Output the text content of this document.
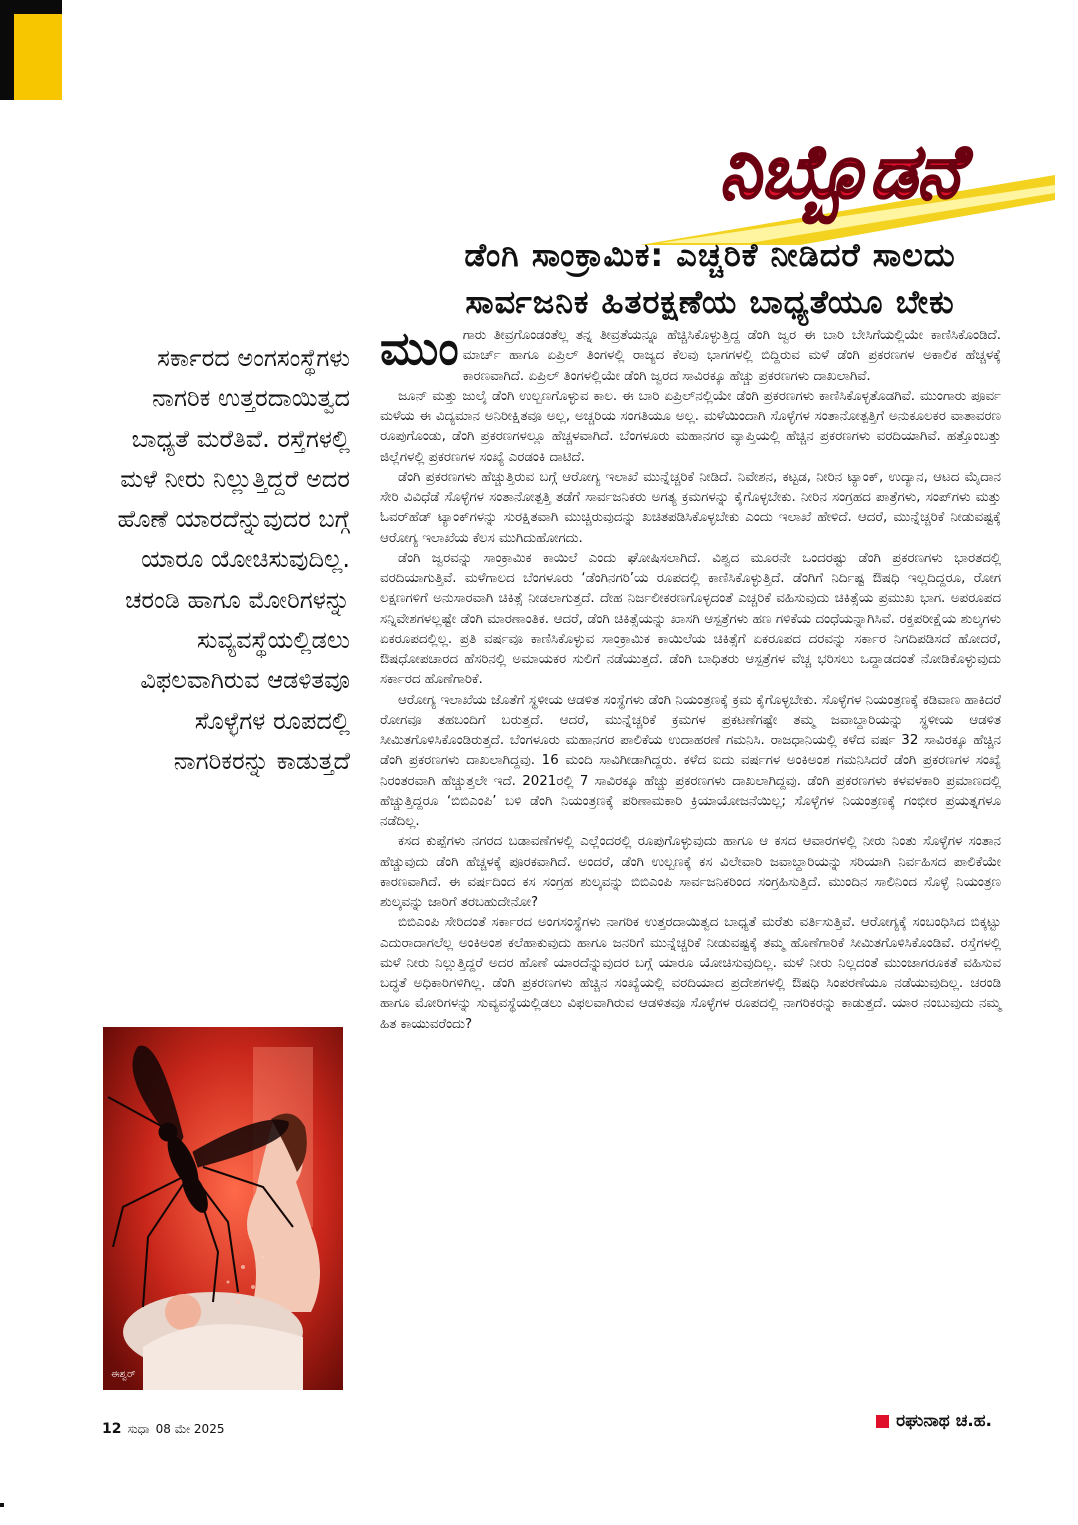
ನಿಬ್ಬೊಡನೆ
ಡೆಂಗಿ ಸಾಂಕ್ರಾಮಿಕ: ಎಚ್ಚರಿಕೆ ನೀಡಿದರೆ ಸಾಲದು
ಸಾರ್ವಜನಿಕ ಹಿತರಕ್ಷಣೆಯ ಬಾಧ್ಯತೆಯೂ ಬೇಕು
ಸರ್ಕಾರದ ಅಂಗಸಂಸ್ಥೆಗಳು ನಾಗರಿಕ ಉತ್ತರದಾಯಿತ್ವದ ಬಾಧ್ಯತೆ ಮರೆತಿವೆ. ರಸ್ತೆಗಳಲ್ಲಿ ಮಳೆ ನೀರು ನಿಲ್ಲುತ್ತಿದ್ದರೆ ಅದರ ಹೊಣೆ ಯಾರದೆನ್ನುವುದರ ಬಗ್ಗೆ ಯಾರೂ ಯೋಚಿಸುವುದಿಲ್ಲ. ಚರಂಡಿ ಹಾಗೂ ಮೋರಿಗಳನ್ನು ಸುವ್ಯವಸ್ಥೆಯಲ್ಲಿಡಲು ವಿಫಲವಾಗಿರುವ ಆಡಳಿತವೂ ಸೊಳ್ಳೆಗಳ ರೂಪದಲ್ಲಿ ನಾಗರಿಕರನ್ನು ಕಾಡುತ್ತದೆ
ಈಶ್ವರ್

ಮುಂಗಾರು ತೀವ್ರಗೊಂಡಂತೆಲ್ಲ ತನ್ನ ತೀವ್ರತೆಯನ್ನೂ ಹೆಚ್ಚಿಸಿಕೊಳ್ಳುತ್ತಿದ್ದ ಡೆಂಗಿ ಜ್ವರ ಈ ಬಾರಿ ಬೇಸಿಗೆಯಲ್ಲಿಯೇ ಕಾಣಿಸಿಕೊಂಡಿದೆ. ಮಾರ್ಚ್ ಹಾಗೂ ಏಪ್ರಿಲ್ ತಿಂಗಳಲ್ಲಿ ರಾಜ್ಯದ ಕೆಲವು ಭಾಗಗಳಲ್ಲಿ ಬಿದ್ದಿರುವ ಮಳೆ ಡೆಂಗಿ ಪ್ರಕರಣಗಳ ಅಕಾಲಿಕ ಹೆಚ್ಚಳಕ್ಕೆ ಕಾರಣವಾಗಿದೆ. ಏಪ್ರಿಲ್ ತಿಂಗಳಲ್ಲಿಯೇ ಡೆಂಗಿ ಜ್ವರದ ಸಾವಿರಕ್ಕೂ ಹೆಚ್ಚು ಪ್ರಕರಣಗಳು ದಾಖಲಾಗಿವೆ.

ಜೂನ್ ಮತ್ತು ಜುಲೈ ಡೆಂಗಿ ಉಲ್ಬಣಗೊಳ್ಳುವ ಕಾಲ. ಈ ಬಾರಿ ಏಪ್ರಿಲ್‌ನಲ್ಲಿಯೇ ಡೆಂಗಿ ಪ್ರಕರಣಗಳು ಕಾಣಿಸಿಕೊಳ್ಳತೊಡಗಿವೆ. ಮುಂಗಾರು ಪೂರ್ವ ಮಳೆಯ ಈ ವಿದ್ಯಮಾನ ಅನಿರೀಕ್ಷಿತವೂ ಅಲ್ಲ, ಅಚ್ಚರಿಯ ಸಂಗತಿಯೂ ಅಲ್ಲ. ಮಳೆಯಿಂದಾಗಿ ಸೊಳ್ಳೆಗಳ ಸಂತಾನೋತ್ಪತ್ತಿಗೆ ಅನುಕೂಲಕರ ವಾತಾವರಣ ರೂಪುಗೊಂಡು, ಡೆಂಗಿ ಪ್ರಕರಣಗಳಲ್ಲೂ ಹೆಚ್ಚಳವಾಗಿದೆ. ಬೆಂಗಳೂರು ಮಹಾನಗರ ವ್ಯಾಪ್ತಿಯಲ್ಲಿ ಹೆಚ್ಚಿನ ಪ್ರಕರಣಗಳು ವರದಿಯಾಗಿವೆ. ಹತ್ತೊಂಬತ್ತು ಜಿಲ್ಲೆಗಳಲ್ಲಿ ಪ್ರಕರಣಗಳ ಸಂಖ್ಯೆ ಎರಡಂಕಿ ದಾಟಿದೆ.

ಡೆಂಗಿ ಪ್ರಕರಣಗಳು ಹೆಚ್ಚುತ್ತಿರುವ ಬಗ್ಗೆ ಆರೋಗ್ಯ ಇಲಾಖೆ ಮುನ್ನೆಚ್ಚರಿಕೆ ನೀಡಿದೆ. ನಿವೇಶನ, ಕಟ್ಟಡ, ನೀರಿನ ಟ್ಯಾಂಕ್, ಉದ್ಯಾನ, ಆಟದ ಮೈದಾನ ಸೇರಿ ವಿವಿಧೆಡೆ ಸೊಳ್ಳೆಗಳ ಸಂತಾನೋತ್ಪತ್ತಿ ತಡೆಗೆ ಸಾರ್ವಜನಿಕರು ಅಗತ್ಯ ಕ್ರಮಗಳನ್ನು ಕೈಗೊಳ್ಳಬೇಕು. ನೀರಿನ ಸಂಗ್ರಹದ ಪಾತ್ರೆಗಳು, ಸಂಪ್‌ಗಳು ಮತ್ತು ಓವರ್‌ಹೆಡ್ ಟ್ಯಾಂಕ್‌ಗಳನ್ನು ಸುರಕ್ಷಿತವಾಗಿ ಮುಚ್ಚಿರುವುದನ್ನು ಖಚಿತಪಡಿಸಿಕೊಳ್ಳಬೇಕು ಎಂದು ಇಲಾಖೆ ಹೇಳಿದೆ. ಆದರೆ, ಮುನ್ನೆಚ್ಚರಿಕೆ ನೀಡುವಷ್ಟಕ್ಕೆ ಆರೋಗ್ಯ ಇಲಾಖೆಯ ಕೆಲಸ ಮುಗಿದುಹೋಗದು.

ಡೆಂಗಿ ಜ್ವರವನ್ನು ಸಾಂಕ್ರಾಮಿಕ ಕಾಯಿಲೆ ಎಂದು ಘೋಷಿಸಲಾಗಿದೆ. ವಿಶ್ವದ ಮೂರನೇ ಒಂದರಷ್ಟು ಡೆಂಗಿ ಪ್ರಕರಣಗಳು ಭಾರತದಲ್ಲಿ ವರದಿಯಾಗುತ್ತಿವೆ. ಮಳೆಗಾಲದ ಬೆಂಗಳೂರು ‘ಡೆಂಗಿನಗರಿ’ಯ ರೂಪದಲ್ಲಿ ಕಾಣಿಸಿಕೊಳ್ಳುತ್ತಿದೆ. ಡೆಂಗಿಗೆ ನಿರ್ದಿಷ್ಟ ಔಷಧಿ ಇಲ್ಲದಿದ್ದರೂ, ರೋಗ ಲಕ್ಷಣಗಳಿಗೆ ಅನುಸಾರವಾಗಿ ಚಿಕಿತ್ಸೆ ನೀಡಲಾಗುತ್ತದೆ. ದೇಹ ನಿರ್ಜಲೀಕರಣಗೊಳ್ಳದಂತೆ ಎಚ್ಚರಿಕೆ ವಹಿಸುವುದು ಚಿಕಿತ್ಸೆಯ ಪ್ರಮುಖ ಭಾಗ. ಅಪರೂಪದ ಸನ್ನಿವೇಶಗಳಲ್ಲಷ್ಟೇ ಡೆಂಗಿ ಮಾರಣಾಂತಿಕ. ಆದರೆ, ಡೆಂಗಿ ಚಿಕಿತ್ಸೆಯನ್ನು ಖಾಸಗಿ ಆಸ್ಪತ್ರೆಗಳು ಹಣ ಗಳಿಕೆಯ ದಂಧೆಯನ್ನಾಗಿಸಿವೆ. ರಕ್ತಪರೀಕ್ಷೆಯ ಶುಲ್ಕಗಳು ಏಕರೂಪದಲ್ಲಿಲ್ಲ. ಪ್ರತಿ ವರ್ಷವೂ ಕಾಣಿಸಿಕೊಳ್ಳುವ ಸಾಂಕ್ರಾಮಿಕ ಕಾಯಿಲೆಯ ಚಿಕಿತ್ಸೆಗೆ ಏಕರೂಪದ ದರವನ್ನು ಸರ್ಕಾರ ನಿಗದಿಪಡಿಸದೆ ಹೋದರೆ, ಔಷಧೋಪಚಾರದ ಹೆಸರಿನಲ್ಲಿ ಅಮಾಯಕರ ಸುಲಿಗೆ ನಡೆಯುತ್ತದೆ. ಡೆಂಗಿ ಬಾಧಿತರು ಆಸ್ಪತ್ರೆಗಳ ವೆಚ್ಚ ಭರಿಸಲು ಒದ್ದಾಡದಂತೆ ನೋಡಿಕೊಳ್ಳುವುದು ಸರ್ಕಾರದ ಹೊಣೆಗಾರಿಕೆ.

ಆರೋಗ್ಯ ಇಲಾಖೆಯ ಜೊತೆಗೆ ಸ್ಥಳೀಯ ಆಡಳಿತ ಸಂಸ್ಥೆಗಳು ಡೆಂಗಿ ನಿಯಂತ್ರಣಕ್ಕೆ ಕ್ರಮ ಕೈಗೊಳ್ಳಬೇಕು. ಸೊಳ್ಳೆಗಳ ನಿಯಂತ್ರಣಕ್ಕೆ ಕಡಿವಾಣ ಹಾಕಿದರೆ ರೋಗವೂ ತಹಬಂದಿಗೆ ಬರುತ್ತದೆ. ಆದರೆ, ಮುನ್ನೆಚ್ಚರಿಕೆ ಕ್ರಮಗಳ ಪ್ರಕಟಣೆಗಷ್ಟೇ ತಮ್ಮ ಜವಾಬ್ದಾರಿಯನ್ನು ಸ್ಥಳೀಯ ಆಡಳಿತ ಸೀಮಿತಗೊಳಿಸಿಕೊಂಡಿರುತ್ತದೆ. ಬೆಂಗಳೂರು ಮಹಾನಗರ ಪಾಲಿಕೆಯ ಉದಾಹರಣೆ ಗಮನಿಸಿ. ರಾಜಧಾನಿಯಲ್ಲಿ ಕಳೆದ ವರ್ಷ 32 ಸಾವಿರಕ್ಕೂ ಹೆಚ್ಚಿನ ಡೆಂಗಿ ಪ್ರಕರಣಗಳು ದಾಖಲಾಗಿದ್ದವು. 16 ಮಂದಿ ಸಾವಿಗೀಡಾಗಿದ್ದರು. ಕಳೆದ ಐದು ವರ್ಷಗಳ ಅಂಕಿಅಂಶ ಗಮನಿಸಿದರೆ ಡೆಂಗಿ ಪ್ರಕರಣಗಳ ಸಂಖ್ಯೆ ನಿರಂತರವಾಗಿ ಹೆಚ್ಚುತ್ತಲೇ ಇದೆ. 2021ರಲ್ಲಿ 7 ಸಾವಿರಕ್ಕೂ ಹೆಚ್ಚು ಪ್ರಕರಣಗಳು ದಾಖಲಾಗಿದ್ದವು. ಡೆಂಗಿ ಪ್ರಕರಣಗಳು ಕಳವಳಕಾರಿ ಪ್ರಮಾಣದಲ್ಲಿ ಹೆಚ್ಚುತ್ತಿದ್ದರೂ ‘ಬಿಬಿಎಂಪಿ’ ಬಳಿ ಡೆಂಗಿ ನಿಯಂತ್ರಣಕ್ಕೆ ಪರಿಣಾಮಕಾರಿ ಕ್ರಿಯಾಯೋಜನೆಯಿಲ್ಲ; ಸೊಳ್ಳೆಗಳ ನಿಯಂತ್ರಣಕ್ಕೆ ಗಂಭೀರ ಪ್ರಯತ್ನಗಳೂ ನಡೆದಿಲ್ಲ.

ಕಸದ ಕುಪ್ಪೆಗಳು ನಗರದ ಬಡಾವಣೆಗಳಲ್ಲಿ ಎಲ್ಲೆಂದರಲ್ಲಿ ರೂಪುಗೊಳ್ಳುವುದು ಹಾಗೂ ಆ ಕಸದ ಆವಾರಗಳಲ್ಲಿ ನೀರು ನಿಂತು ಸೊಳ್ಳೆಗಳ ಸಂತಾನ ಹೆಚ್ಚುವುದು ಡೆಂಗಿ ಹೆಚ್ಚಳಕ್ಕೆ ಪೂರಕವಾಗಿದೆ. ಅಂದರೆ, ಡೆಂಗಿ ಉಲ್ಬಣಕ್ಕೆ ಕಸ ವಿಲೇವಾರಿ ಜವಾಬ್ದಾರಿಯನ್ನು ಸರಿಯಾಗಿ ನಿರ್ವಹಿಸದ ಪಾಲಿಕೆಯೇ ಕಾರಣವಾಗಿದೆ. ಈ ವರ್ಷದಿಂದ ಕಸ ಸಂಗ್ರಹ ಶುಲ್ಕವನ್ನು ಬಿಬಿಎಂಪಿ ಸಾರ್ವಜನಿಕರಿಂದ ಸಂಗ್ರಹಿಸುತ್ತಿದೆ. ಮುಂದಿನ ಸಾಲಿನಿಂದ ಸೊಳ್ಳೆ ನಿಯಂತ್ರಣ ಶುಲ್ಕವನ್ನು ಜಾರಿಗೆ ತರಬಹುದೇನೋ?

ಬಿಬಿಎಂಪಿ ಸೇರಿದಂತೆ ಸರ್ಕಾರದ ಅಂಗಸಂಸ್ಥೆಗಳು ನಾಗರಿಕ ಉತ್ತರದಾಯಿತ್ವದ ಬಾಧ್ಯತೆ ಮರೆತು ವರ್ತಿಸುತ್ತಿವೆ. ಆರೋಗ್ಯಕ್ಕೆ ಸಂಬಂಧಿಸಿದ ಬಿಕ್ಕಟ್ಟು ಎದುರಾದಾಗಲೆಲ್ಲ ಅಂಕಿಅಂಶ ಕಲೆಹಾಕುವುದು ಹಾಗೂ ಜನರಿಗೆ ಮುನ್ನೆಚ್ಚರಿಕೆ ನೀಡುವಷ್ಟಕ್ಕೆ ತಮ್ಮ ಹೊಣೆಗಾರಿಕೆ ಸೀಮಿತಗೊಳಿಸಿಕೊಂಡಿವೆ. ರಸ್ತೆಗಳಲ್ಲಿ ಮಳೆ ನೀರು ನಿಲ್ಲುತ್ತಿದ್ದರೆ ಅದರ ಹೊಣೆ ಯಾರದೆನ್ನುವುದರ ಬಗ್ಗೆ ಯಾರೂ ಯೋಚಿಸುವುದಿಲ್ಲ. ಮಳೆ ನೀರು ನಿಲ್ಲದಂತೆ ಮುಂಜಾಗರೂಕತೆ ವಹಿಸುವ ಬದ್ಧತೆ ಅಧಿಕಾರಿಗಳಿಗಿಲ್ಲ. ಡೆಂಗಿ ಪ್ರಕರಣಗಳು ಹೆಚ್ಚಿನ ಸಂಖ್ಯೆಯಲ್ಲಿ ವರದಿಯಾದ ಪ್ರದೇಶಗಳಲ್ಲಿ ಔಷಧಿ ಸಿಂಪರಣೆಯೂ ನಡೆಯುವುದಿಲ್ಲ. ಚರಂಡಿ ಹಾಗೂ ಮೋರಿಗಳನ್ನು ಸುವ್ಯವಸ್ಥೆಯಲ್ಲಿಡಲು ವಿಫಲವಾಗಿರುವ ಆಡಳಿತವೂ ಸೊಳ್ಳೆಗಳ ರೂಪದಲ್ಲಿ ನಾಗರಿಕರನ್ನು ಕಾಡುತ್ತದೆ. ಯಾರ ನಂಬುವುದು ನಮ್ಮ ಹಿತ ಕಾಯುವರೆಂದು?

ರಘುನಾಥ ಚ.ಹ.
12 ಸುಧಾ 08 ಮೇ 2025
